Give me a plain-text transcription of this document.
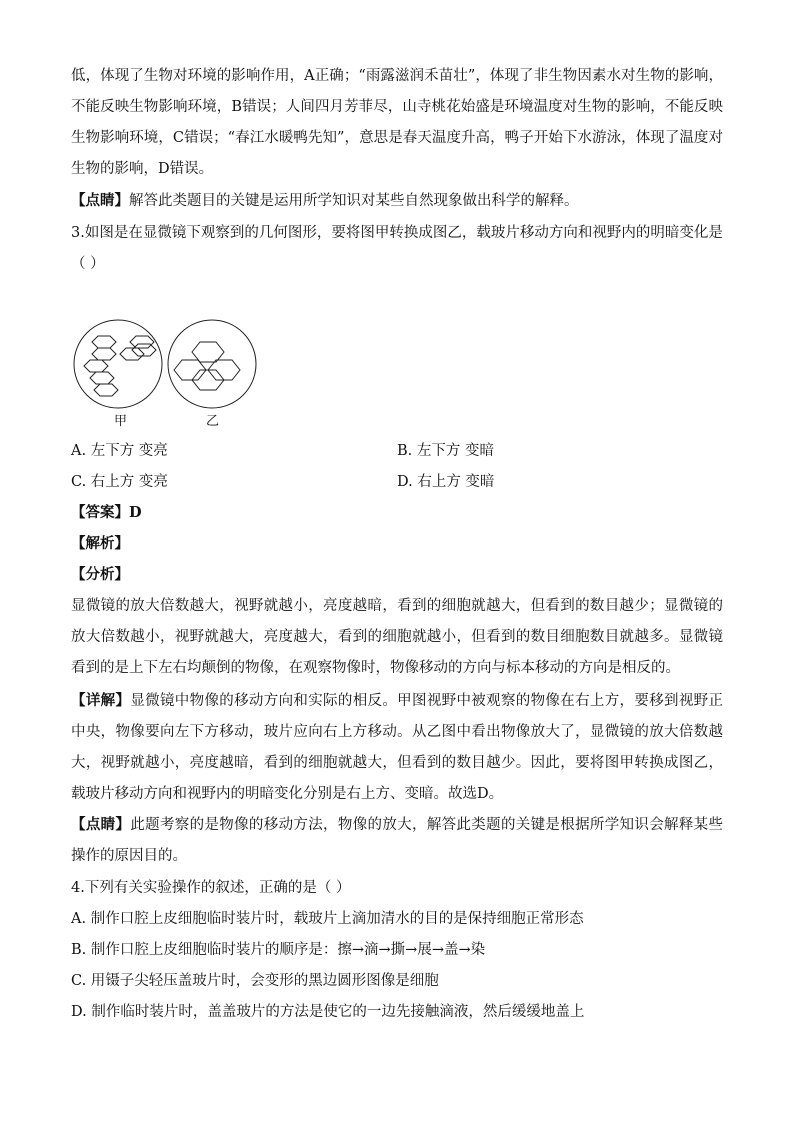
低，体现了生物对环境的影响作用，A正确；“雨露滋润禾苗壮”，体现了非生物因素水对生物的影响，不能反映生物影响环境，B错误；人间四月芳菲尽，山寺桃花始盛是环境温度对生物的影响，不能反映生物影响环境，C错误；“春江水暖鸭先知”，意思是春天温度升高，鸭子开始下水游泳，体现了温度对生物的影响，D错误。
【点睛】解答此类题目的关键是运用所学知识对某些自然现象做出科学的解释。
3.如图是在显微镜下观察到的几何图形，要将图甲转换成图乙，载玻片移动方向和视野内的明暗变化是
（ ）
甲	乙
A. 左下方 变亮	B. 左下方 变暗
C. 右上方 变亮	D. 右上方 变暗
【答案】D
【解析】
【分析】
显微镜的放大倍数越大，视野就越小，亮度越暗，看到的细胞就越大，但看到的数目越少；显微镜的放大倍数越小，视野就越大，亮度越大，看到的细胞就越小，但看到的数目细胞数目就越多。显微镜看到的是上下左右均颠倒的物像，在观察物像时，物像移动的方向与标本移动的方向是相反的。
【详解】显微镜中物像的移动方向和实际的相反。甲图视野中被观察的物像在右上方，要移到视野正中央，物像要向左下方移动，玻片应向右上方移动。从乙图中看出物像放大了，显微镜的放大倍数越大，视野就越小，亮度越暗，看到的细胞就越大，但看到的数目越少。因此，要将图甲转换成图乙，载玻片移动方向和视野内的明暗变化分别是右上方、变暗。故选D。
【点睛】此题考察的是物像的移动方法，物像的放大，解答此类题的关键是根据所学知识会解释某些操作的原因目的。
4.下列有关实验操作的叙述，正确的是（ ）
A. 制作口腔上皮细胞临时装片时，载玻片上滴加清水的目的是保持细胞正常形态
B. 制作口腔上皮细胞临时装片的顺序是：擦→滴→撕→展→盖→染
C. 用镊子尖轻压盖玻片时，会变形的黑边圆形图像是细胞
D. 制作临时装片时，盖盖玻片的方法是使它的一边先接触滴液，然后缓缓地盖上
